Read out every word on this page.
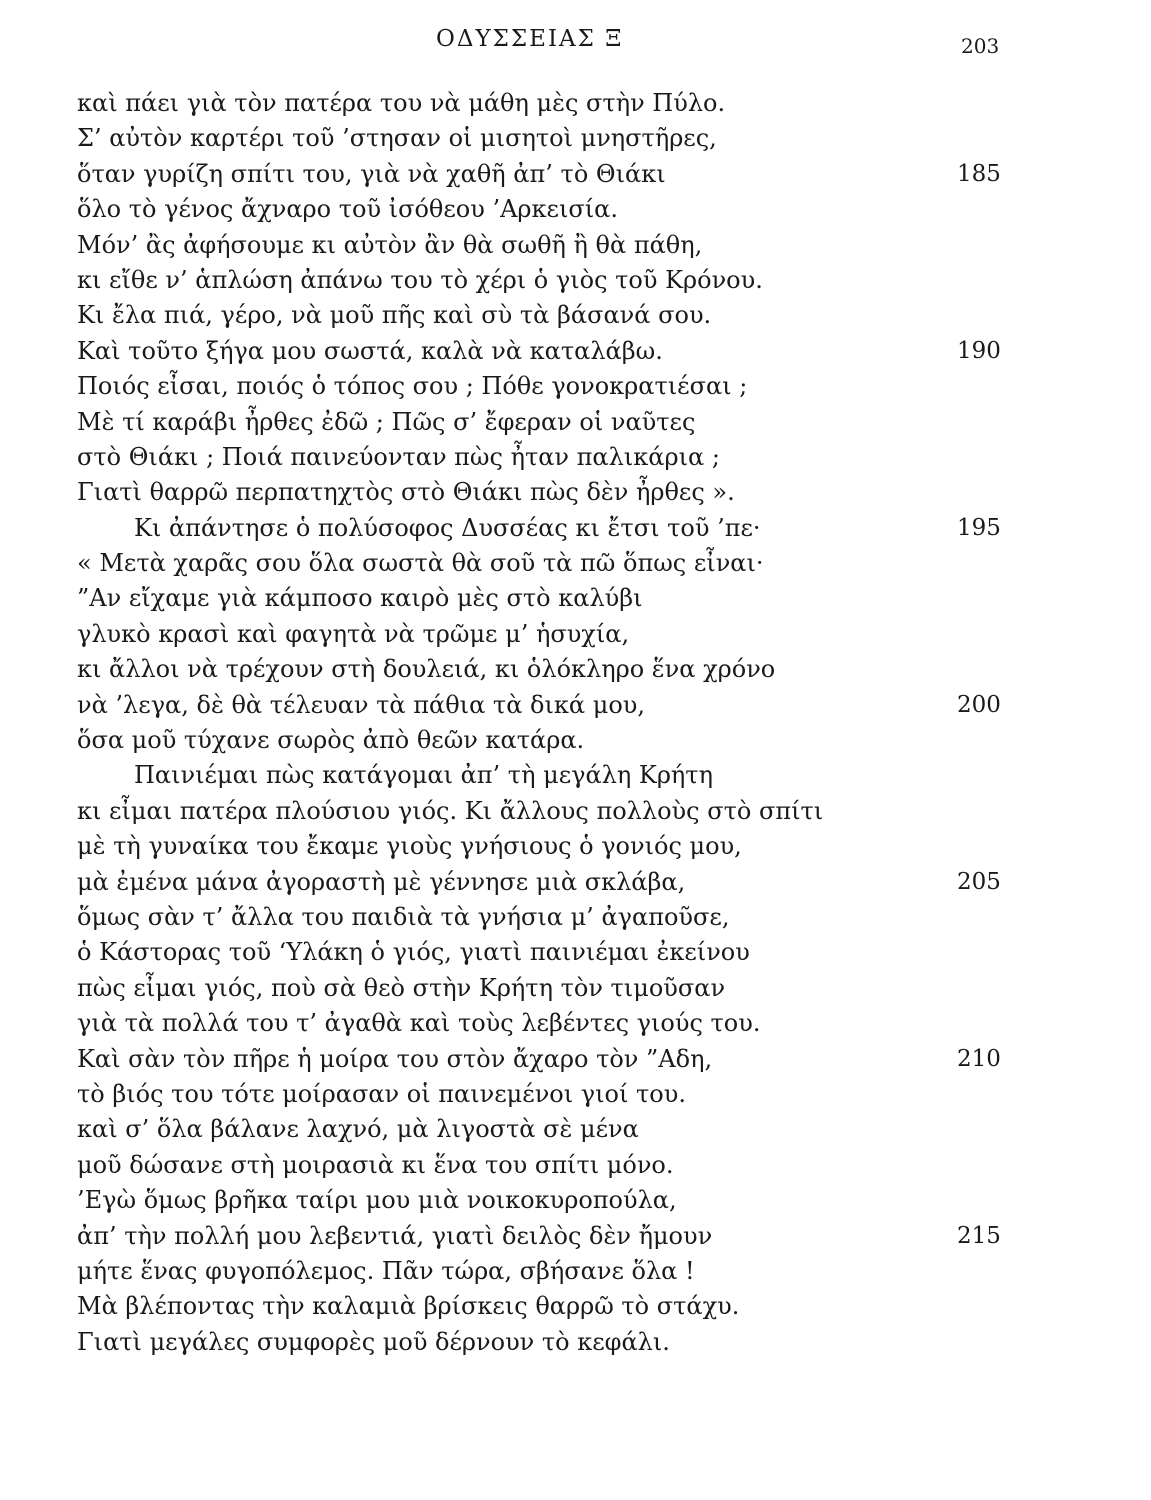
ΟΔΥΣΣΕΙΑΣ Ξ	203
καὶ πάει γιὰ τὸν πατέρα του νὰ μάθη μὲς στὴν Πύλο.
Σ’ αὐτὸν καρτέρι τοῦ ’στησαν οἱ μισητοὶ μνηστῆρες,
ὅταν γυρίζη σπίτι του, γιὰ νὰ χαθῆ ἀπ’ τὸ Θιάκι	185
ὅλο τὸ γένος ἄχναρο τοῦ ἰσόθεου ’Αρκεισία.
Μόν’ ἂς ἀφήσουμε κι αὐτὸν ἂν θὰ σωθῆ ἢ θὰ πάθη,
κι εἴθε ν’ ἁπλώση ἀπάνω του τὸ χέρι ὁ γιὸς τοῦ Κρόνου.
Κι ἔλα πιά, γέρο, νὰ μοῦ πῆς καὶ σὺ τὰ βάσανά σου.
Καὶ τοῦτο ξήγα μου σωστά, καλὰ νὰ καταλάβω.	190
Ποιός εἶσαι, ποιός ὁ τόπος σου ; Πόθε γονοκρατιέσαι ;
Μὲ τί καράβι ἦρθες ἐδῶ ; Πῶς σ’ ἔφεραν οἱ ναῦτες
στὸ Θιάκι ; Ποιά παινεύονταν πὼς ἦταν παλικάρια ;
Γιατὶ θαρρῶ περπατηχτὸς στὸ Θιάκι πὼς δὲν ἦρθες ».
Κι ἀπάντησε ὁ πολύσοφος Δυσσέας κι ἔτσι τοῦ ’πε·	195
« Μετὰ χαρᾶς σου ὅλα σωστὰ θὰ σοῦ τὰ πῶ ὅπως εἶναι·
”Αν εἴχαμε γιὰ κάμποσο καιρὸ μὲς στὸ καλύβι
γλυκὸ κρασὶ καὶ φαγητὰ νὰ τρῶμε μ’ ἡσυχία,
κι ἄλλοι νὰ τρέχουν στὴ δουλειά, κι ὁλόκληρο ἕνα χρόνο
νὰ ’λεγα, δὲ θὰ τέλευαν τὰ πάθια τὰ δικά μου,	200
ὅσα μοῦ τύχανε σωρὸς ἀπὸ θεῶν κατάρα.
Παινιέμαι πὼς κατάγομαι ἀπ’ τὴ μεγάλη Κρήτη
κι εἶμαι πατέρα πλούσιου γιός. Κι ἄλλους πολλοὺς στὸ σπίτι
μὲ τὴ γυναίκα του ἔκαμε γιοὺς γνήσιους ὁ γονιός μου,
μὰ ἐμένα μάνα ἀγοραστὴ μὲ γέννησε μιὰ σκλάβα,	205
ὅμως σὰν τ’ ἄλλα του παιδιὰ τὰ γνήσια μ’ ἀγαποῦσε,
ὁ Κάστορας τοῦ ‘Υλάκη ὁ γιός, γιατὶ παινιέμαι ἐκείνου
πὼς εἶμαι γιός, ποὺ σὰ θεὸ στὴν Κρήτη τὸν τιμοῦσαν
γιὰ τὰ πολλά του τ’ ἀγαθὰ καὶ τοὺς λεβέντες γιούς του.
Καὶ σὰν τὸν πῆρε ἡ μοίρα του στὸν ἄχαρο τὸν ”Αδη,	210
τὸ βιός του τότε μοίρασαν οἱ παινεμένοι γιοί του.
καὶ σ’ ὅλα βάλανε λαχνό, μὰ λιγοστὰ σὲ μένα
μοῦ δώσανε στὴ μοιρασιὰ κι ἕνα του σπίτι μόνο.
’Εγὼ ὅμως βρῆκα ταίρι μου μιὰ νοικοκυροπούλα,
ἀπ’ τὴν πολλή μου λεβεντιά, γιατὶ δειλὸς δὲν ἤμουν	215
μήτε ἕνας φυγοπόλεμος. Πᾶν τώρα, σβήσανε ὅλα !
Μὰ βλέποντας τὴν καλαμιὰ βρίσκεις θαρρῶ τὸ στάχυ.
Γιατὶ μεγάλες συμφορὲς μοῦ δέρνουν τὸ κεφάλι.
